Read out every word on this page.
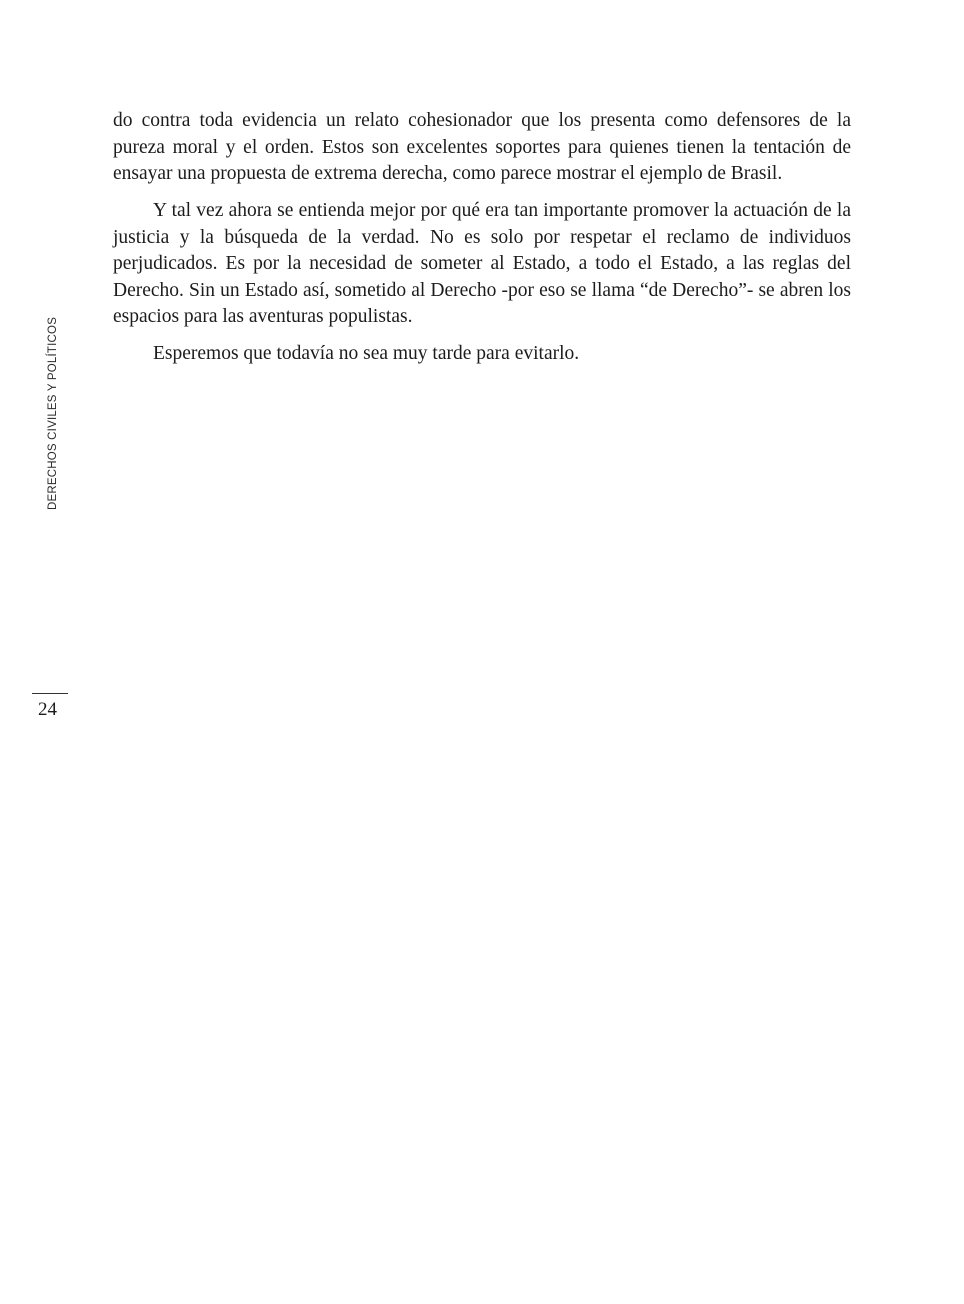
do contra toda evidencia un relato cohesionador que los presenta como defensores de la pureza moral y el orden. Estos son excelentes soportes para quienes tienen la tentación de ensayar una propuesta de extrema derecha, como parece mostrar el ejemplo de Brasil.

Y tal vez ahora se entienda mejor por qué era tan importante promover la actuación de la justicia y la búsqueda de la verdad. No es solo por respetar el reclamo de individuos perjudicados. Es por la necesidad de someter al Estado, a todo el Estado, a las reglas del Derecho. Sin un Estado así, sometido al Derecho -por eso se llama “de Derecho”- se abren los espacios para las aventuras populistas.

Esperemos que todavía no sea muy tarde para evitarlo.

DERECHOS CIVILES Y POLÍTICOS
24
